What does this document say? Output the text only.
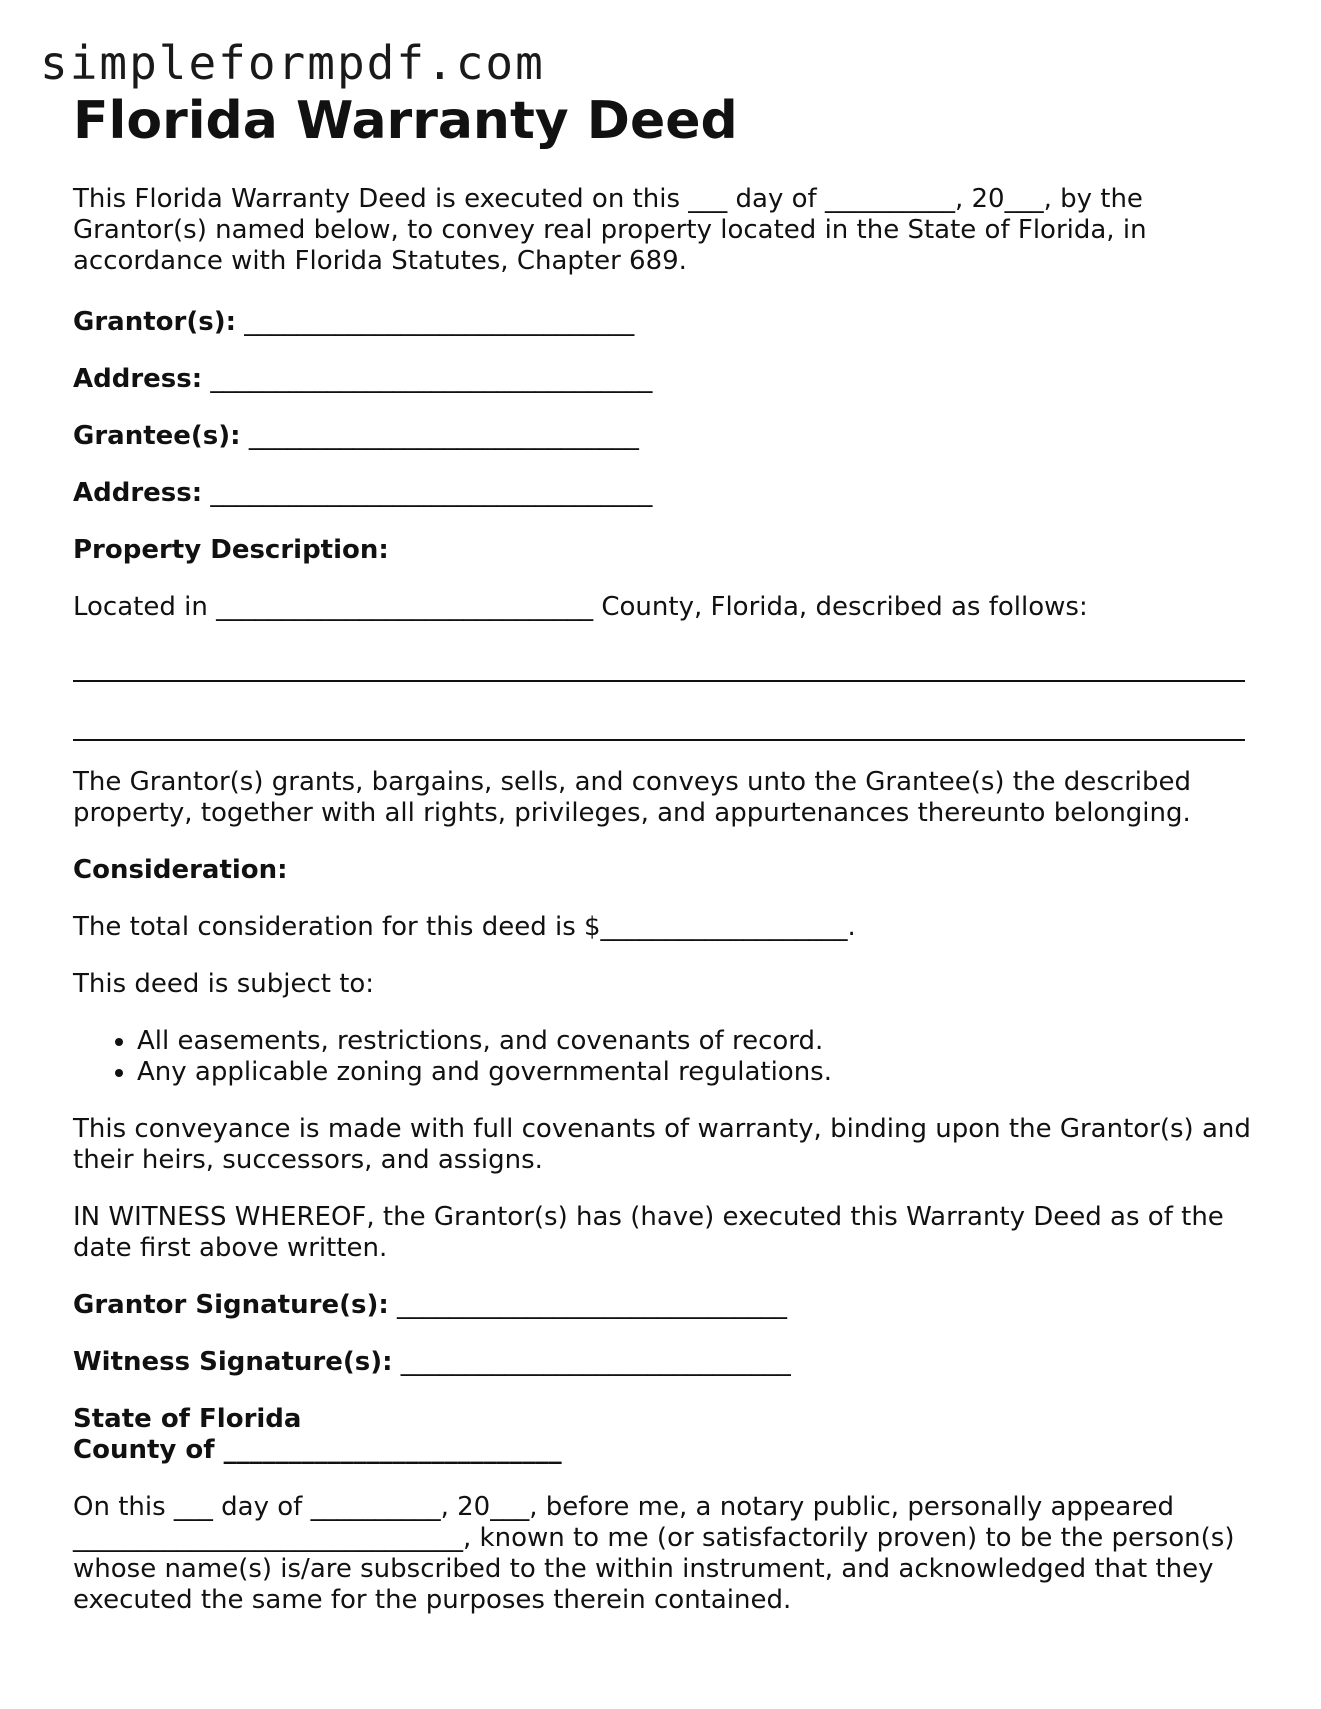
simpleformpdf.com
Florida Warranty Deed

This Florida Warranty Deed is executed on this ___ day of __________, 20___, by the Grantor(s) named below, to convey real property located in the State of Florida, in accordance with Florida Statutes, Chapter 689.

Grantor(s): ______________________________

Address: __________________________________

Grantee(s): ______________________________

Address: __________________________________

Property Description:

Located in _____________________________ County, Florida, described as follows:

The Grantor(s) grants, bargains, sells, and conveys unto the Grantee(s) the described property, together with all rights, privileges, and appurtenances thereunto belonging.

Consideration:

The total consideration for this deed is $___________________.

This deed is subject to:

• All easements, restrictions, and covenants of record.
• Any applicable zoning and governmental regulations.

This conveyance is made with full covenants of warranty, binding upon the Grantor(s) and their heirs, successors, and assigns.

IN WITNESS WHEREOF, the Grantor(s) has (have) executed this Warranty Deed as of the date first above written.

Grantor Signature(s): ______________________________

Witness Signature(s): ______________________________

State of Florida
County of __________________________

On this ___ day of __________, 20___, before me, a notary public, personally appeared ______________________________, known to me (or satisfactorily proven) to be the person(s) whose name(s) is/are subscribed to the within instrument, and acknowledged that they executed the same for the purposes therein contained.
